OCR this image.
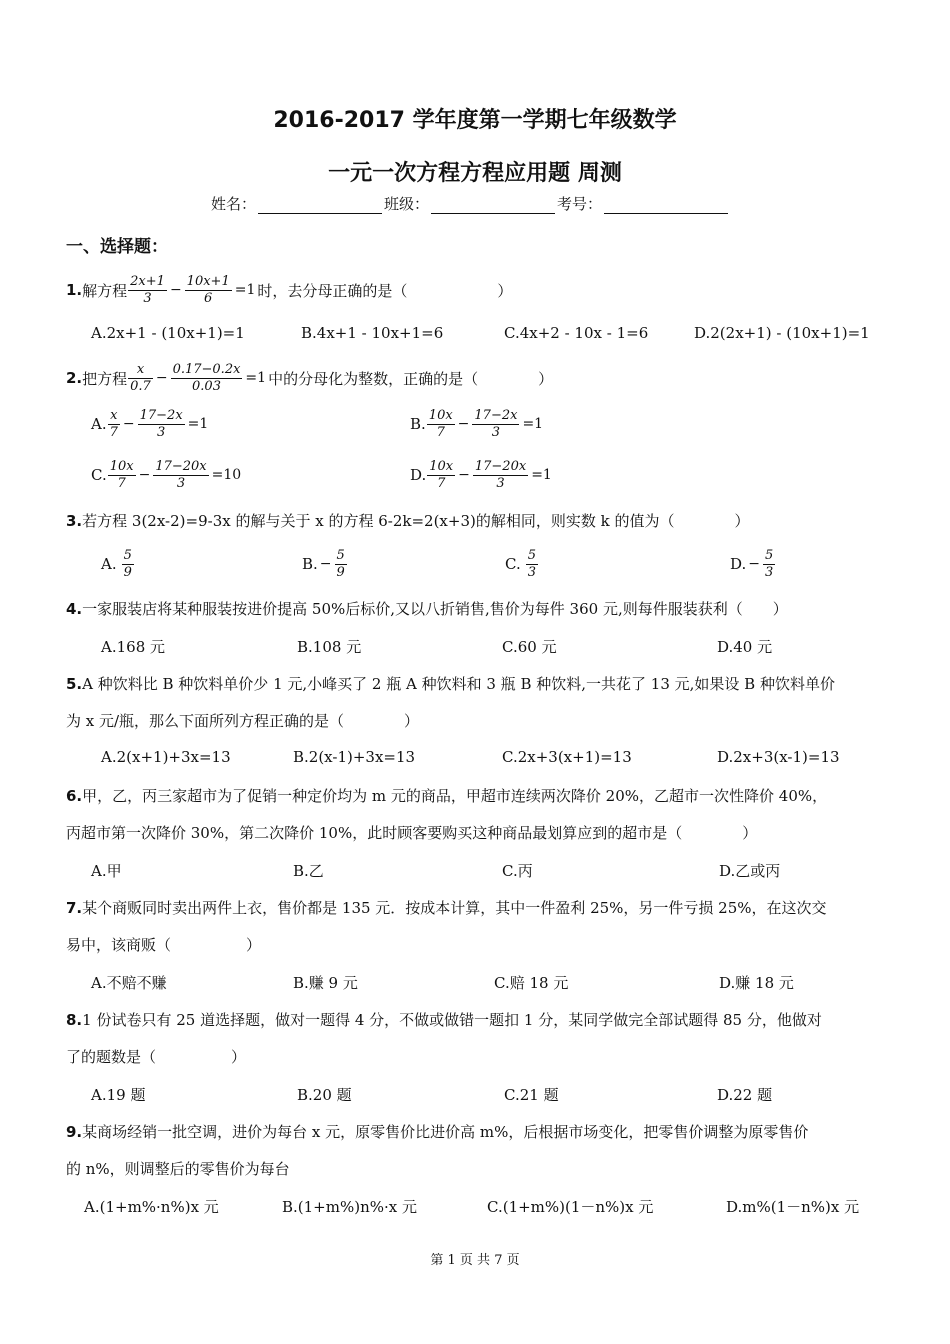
2016-2017 学年度第一学期七年级数学
一元一次方程方程应用题 周测
姓名：	班级：	考号：
一、选择题：
1. 解方程 $\frac{2x+1}{3} - \frac{10x+1}{6} =1$ 时，去分母正确的是（　　　　　　）
A.2x+1 - (10x+1)=1	B.4x+1 - 10x+1=6	C.4x+2 - 10x - 1=6	D.2(2x+1) - (10x+1)=1
2. 把方程 $\frac{x}{0.7} - \frac{0.17-0.2x}{0.03} =1$ 中的分母化为整数，正确的是（　　　　）
A. $\frac{x}{7} - \frac{17-2x}{3} =1$	B. $\frac{10x}{7} - \frac{17-2x}{3} =1$
C. $\frac{10x}{7} - \frac{17-20x}{3} =10$	D. $\frac{10x}{7} - \frac{17-20x}{3} =1$
3.若方程 3(2x-2)=9-3x 的解与关于 x 的方程 6-2k=2(x+3)的解相同，则实数 k 的值为（　　　　）
A. $\frac{5}{9}$	B. − $\frac{5}{9}$	C. $\frac{5}{3}$	D. − $\frac{5}{3}$
4.一家服装店将某种服装按进价提高 50%后标价,又以八折销售,售价为每件 360 元,则每件服装获利（　　）
A.168 元	B.108 元	C.60 元	D.40 元
5.A 种饮料比 B 种饮料单价少 1 元,小峰买了 2 瓶 A 种饮料和 3 瓶 B 种饮料,一共花了 13 元,如果设 B 种饮料单价
为 x 元/瓶，那么下面所列方程正确的是（　　　　）
A.2(x+1)+3x=13	B.2(x-1)+3x=13	C.2x+3(x+1)=13	D.2x+3(x-1)=13
6.甲，乙，丙三家超市为了促销一种定价均为 m 元的商品，甲超市连续两次降价 20%，乙超市一次性降价 40%，
丙超市第一次降价 30%，第二次降价 10%，此时顾客要购买这种商品最划算应到的超市是（　　　　）
A.甲	B.乙	C.丙	D.乙或丙
7.某个商贩同时卖出两件上衣，售价都是 135 元．按成本计算，其中一件盈利 25%，另一件亏损 25%，在这次交
易中，该商贩（　　　　　）
A.不赔不赚	B.赚 9 元	C.赔 18 元	D.赚 18 元
8.1 份试卷只有 25 道选择题，做对一题得 4 分，不做或做错一题扣 1 分，某同学做完全部试题得 85 分，他做对
了的题数是（　　　　　）
A.19 题	B.20 题	C.21 题	D.22 题
9.某商场经销一批空调，进价为每台 x 元，原零售价比进价高 m%，后根据市场变化，把零售价调整为原零售价
的 n%，则调整后的零售价为每台
A.(1+m%·n%)x 元	B.(1+m%)n%·x 元	C.(1+m%)(1－n%)x 元	D.m%(1－n%)x 元
第 1 页 共 7 页
